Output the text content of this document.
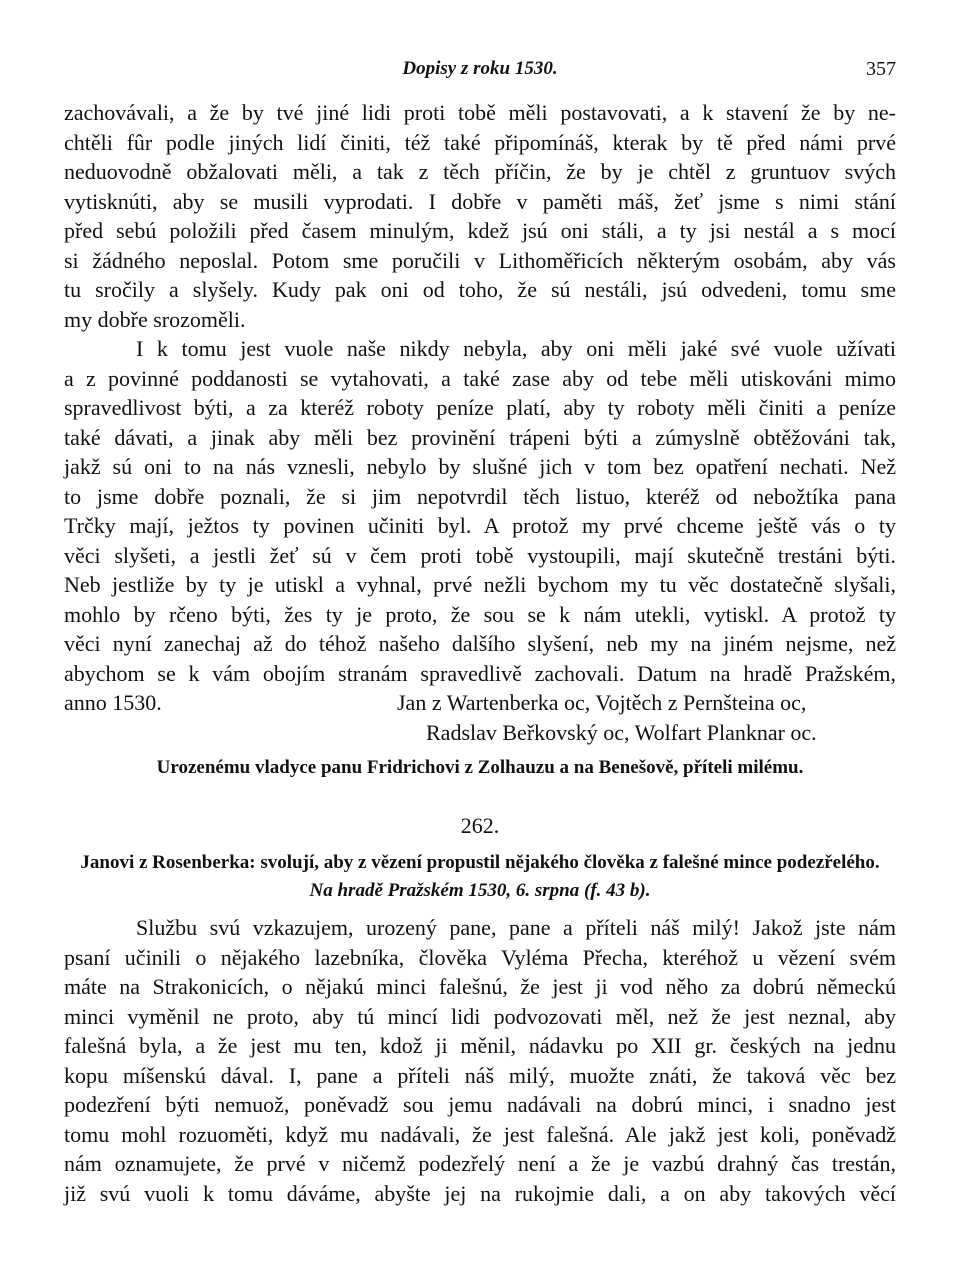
Dopisy z roku 1530.	357
zachovávali, a že by tvé jiné lidi proti tobě měli postavovati, a k stavení že by ne-
chtěli fûr podle jiných lidí činiti, též také připomínáš, kterak by tě před námi prvé
neduovodně obžalovati měli, a tak z těch příčin, že by je chtěl z gruntuov svých
vytisknúti, aby se musili vyprodati. I dobře v paměti máš, žeť jsme s nimi stání
před sebú položili před časem minulým, kdež jsú oni stáli, a ty jsi nestál a s mocí
si žádného neposlal. Potom sme poručili v Lithoměřicích některým osobám, aby vás
tu sročily a slyšely. Kudy pak oni od toho, že sú nestáli, jsú odvedeni, tomu sme
my dobře srozoměli.
I k tomu jest vuole naše nikdy nebyla, aby oni měli jaké své vuole užívati
a z povinné poddanosti se vytahovati, a také zase aby od tebe měli utiskováni mimo
spravedlivost býti, a za kteréž roboty peníze platí, aby ty roboty měli činiti a peníze
také dávati, a jinak aby měli bez provinění trápeni býti a zúmyslně obtěžováni tak,
jakž sú oni to na nás vznesli, nebylo by slušné jich v tom bez opatření nechati. Než
to jsme dobře poznali, že si jim nepotvrdil těch listuo, kteréž od nebožtíka pana
Trčky mají, ježtos ty povinen učiniti byl. A protož my prvé chceme ještě vás o ty
věci slyšeti, a jestli žeť sú v čem proti tobě vystoupili, mají skutečně trestáni býti.
Neb jestliže by ty je utiskl a vyhnal, prvé nežli bychom my tu věc dostatečně slyšali,
mohlo by rčeno býti, žes ty je proto, že sou se k nám utekli, vytiskl. A protož ty
věci nyní zanechaj až do téhož našeho dalšího slyšení, neb my na jiném nejsme, než
abychom se k vám obojím stranám spravedlivě zachovali. Datum na hradě Pražském,
anno 1530.	Jan z Wartenberka oc, Vojtěch z Pernšteina oc,
Radslav Beřkovský oc, Wolfart Planknar oc.
Urozenému vladyce panu Fridrichovi z Zolhauzu a na Benešově, příteli milému.
262.
Janovi z Rosenberka: svolují, aby z vězení propustil nějakého člověka z falešné mince podezřelého.
Na hradě Pražském 1530, 6. srpna (f. 43 b).
Službu svú vzkazujem, urozený pane, pane a příteli náš milý! Jakož jste nám
psaní učinili o nějakého lazebníka, člověka Vyléma Přecha, kteréhož u vězení svém
máte na Strakonicích, o nějakú minci falešnú, že jest ji vod něho za dobrú německú
minci vyměnil ne proto, aby tú mincí lidi podvozovati měl, než že jest neznal, aby
falešná byla, a že jest mu ten, kdož ji měnil, nádavku po XII gr. českých na jednu
kopu míšenskú dával. I, pane a příteli náš milý, muožte znáti, že taková věc bez
podezření býti nemuož, poněvadž sou jemu nadávali na dobrú minci, i snadno jest
tomu mohl rozuoměti, když mu nadávali, že jest falešná. Ale jakž jest koli, poněvadž
nám oznamujete, že prvé v ničemž podezřelý není a že je vazbú drahný čas trestán,
již svú vuoli k tomu dáváme, abyšte jej na rukojmie dali, a on aby takových věcí
